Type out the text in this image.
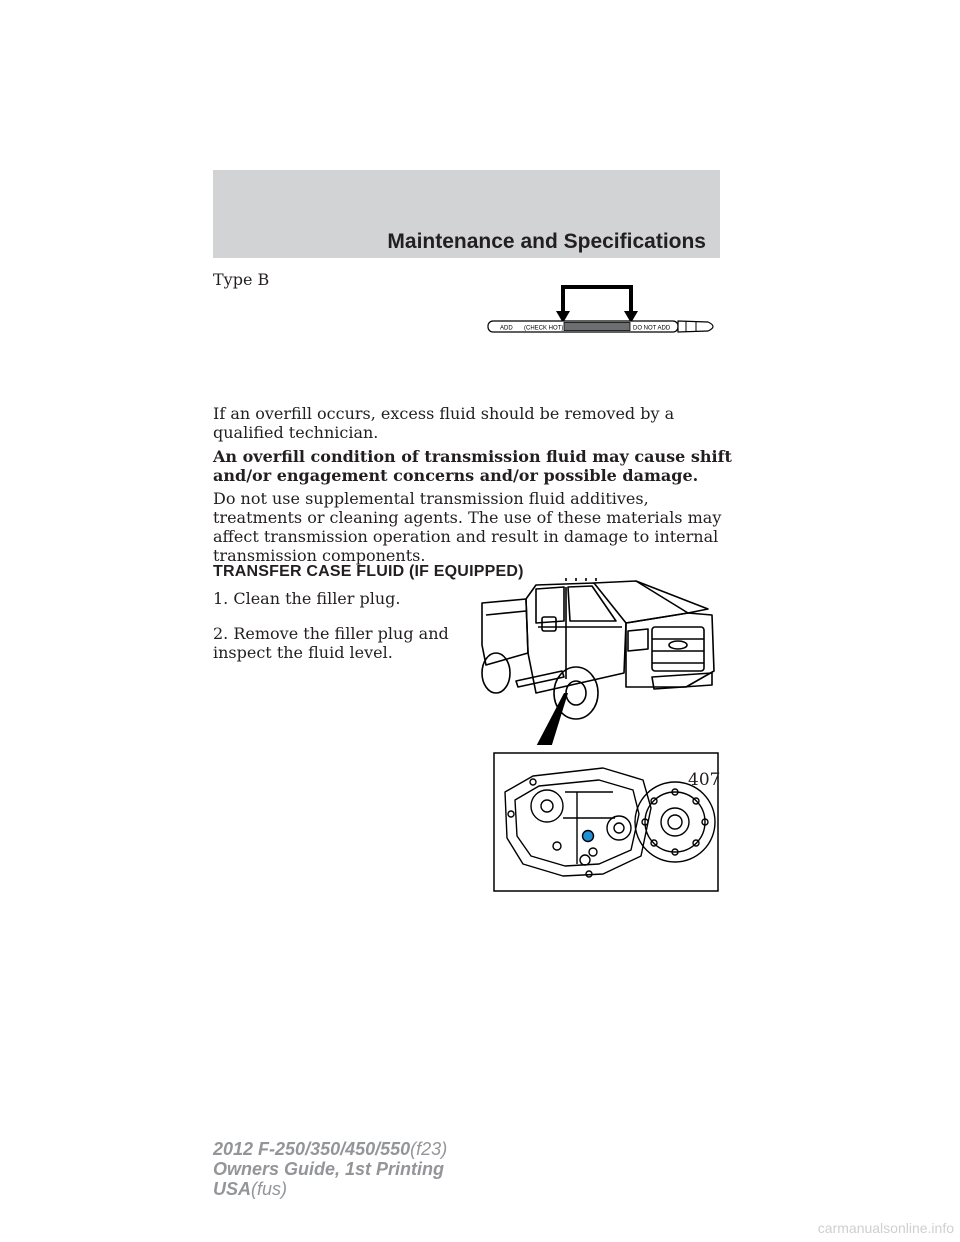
Maintenance and Specifications
Type B
ADD (CHECK HOT)	DO NOT ADD
If an overfill occurs, excess fluid should be removed by a qualified technician.
An overfill condition of transmission fluid may cause shift and/or engagement concerns and/or possible damage.
Do not use supplemental transmission fluid additives, treatments or cleaning agents. The use of these materials may affect transmission operation and result in damage to internal transmission components.
TRANSFER CASE FLUID (IF EQUIPPED)
1. Clean the filler plug.
2. Remove the filler plug and inspect the fluid level.
407
2012 F-250/350/450/550(f23)
Owners Guide, 1st Printing
USA(fus)
carmanualsonline.info
